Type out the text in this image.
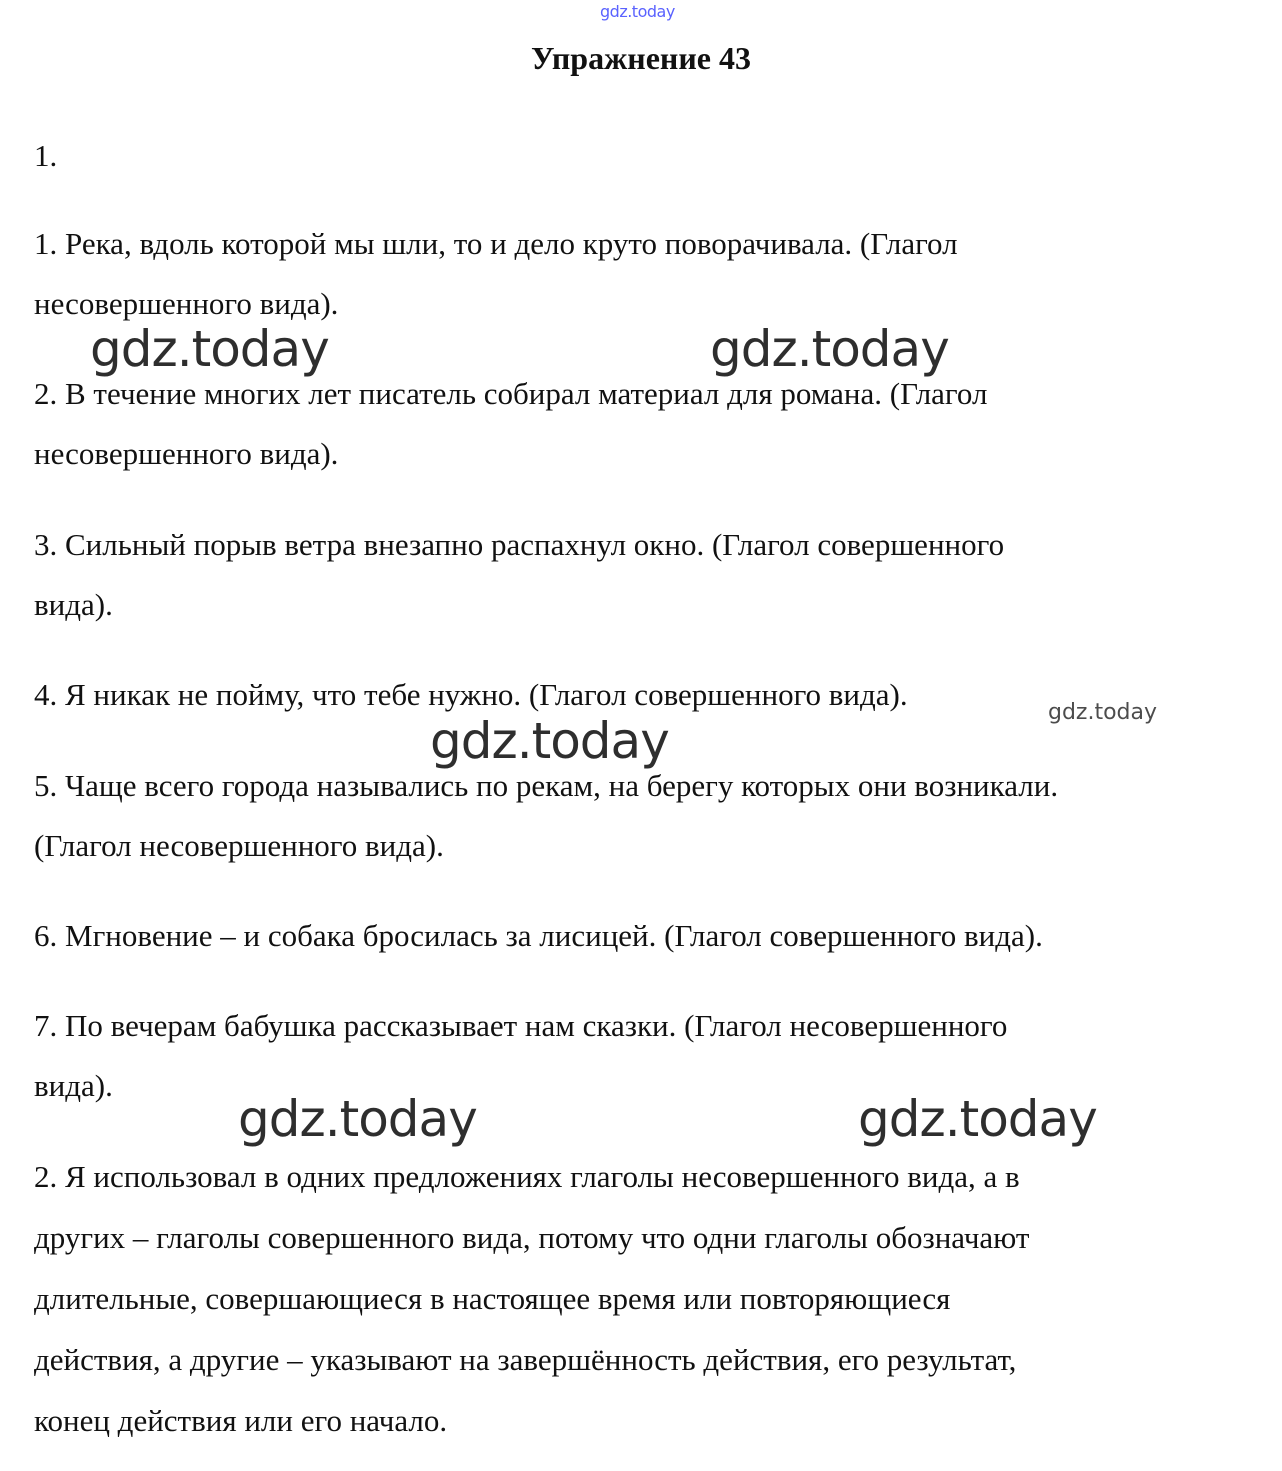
gdz.today
Упражнение 43
1.
1. Река, вдоль которой мы шли, то и дело круто поворачивала. (Глагол
несовершенного вида).
2. В течение многих лет писатель собирал материал для романа. (Глагол
несовершенного вида).
3. Сильный порыв ветра внезапно распахнул окно. (Глагол совершенного
вида).
4. Я никак не пойму, что тебе нужно. (Глагол совершенного вида).
5. Чаще всего города назывались по рекам, на берегу которых они возникали.
(Глагол несовершенного вида).
6. Мгновение – и собака бросилась за лисицей. (Глагол совершенного вида).
7. По вечерам бабушка рассказывает нам сказки. (Глагол несовершенного
вида).
2. Я использовал в одних предложениях глаголы несовершенного вида, а в
других – глаголы совершенного вида, потому что одни глаголы обозначают
длительные, совершающиеся в настоящее время или повторяющиеся
действия, а другие – указывают на завершённость действия, его результат,
конец действия или его начало.
gdz.today	gdz.today
gdz.today	gdz.today
gdz.today	gdz.today
